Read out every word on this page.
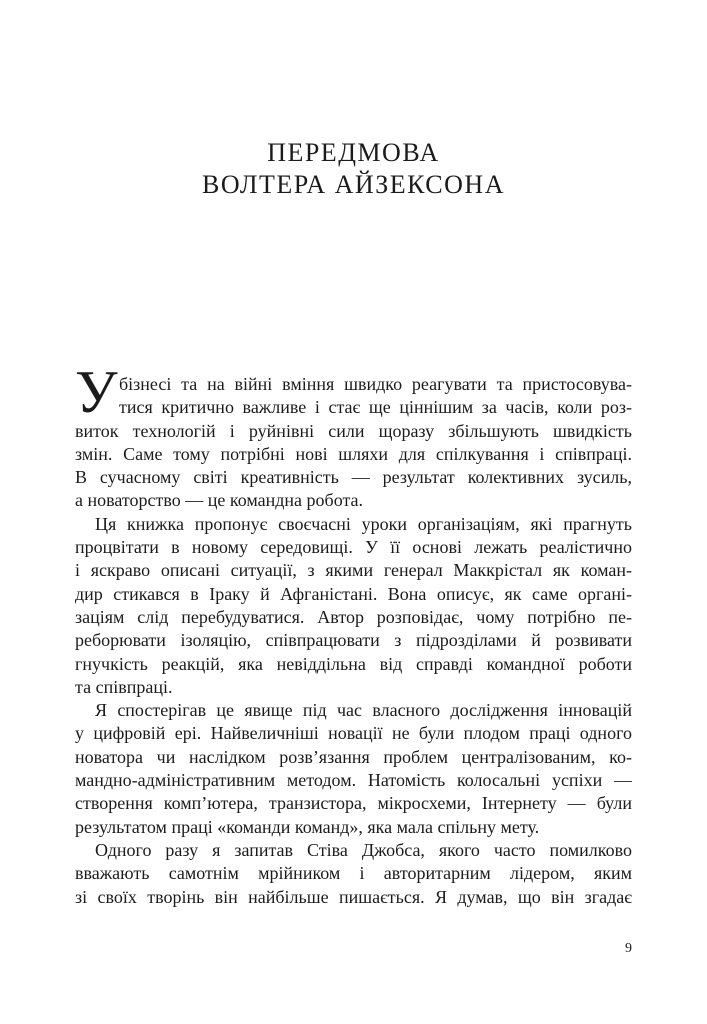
ПЕРЕДМОВА
ВОЛТЕРА АЙЗЕКСОНА
У бізнесі та на війні вміння швидко реагувати та пристосовува-
тися критично важливе і стає ще ціннішим за часів, коли роз-
виток технологій і руйнівні сили щоразу збільшують швидкість
змін. Саме тому потрібні нові шляхи для спілкування і співпраці.
В сучасному світі креативність — результат колективних зусиль,
а новаторство — це командна робота.
Ця книжка пропонує своєчасні уроки організаціям, які прагнуть
процвітати в новому середовищі. У її основі лежать реалістично
і яскраво описані ситуації, з якими генерал Маккрістал як коман-
дир стикався в Іраку й Афганістані. Вона описує, як саме органі-
заціям слід перебудуватися. Автор розповідає, чому потрібно пе-
реборювати ізоляцію, співпрацювати з підрозділами й розвивати
гнучкість реакцій, яка невіддільна від справді командної роботи
та співпраці.
Я спостерігав це явище під час власного дослідження інновацій
у цифровій ері. Найвеличніші новації не були плодом праці одного
новатора чи наслідком розв’язання проблем централізованим, ко-
мандно-адміністративним методом. Натомість колосальні успіхи —
створення комп’ютера, транзистора, мікросхеми, Інтернету — були
результатом праці «команди команд», яка мала спільну мету.
Одного разу я запитав Стіва Джобса, якого часто помилково
вважають самотнім мрійником і авторитарним лідером, яким
зі своїх творінь він найбільше пишається. Я думав, що він згадає
9
